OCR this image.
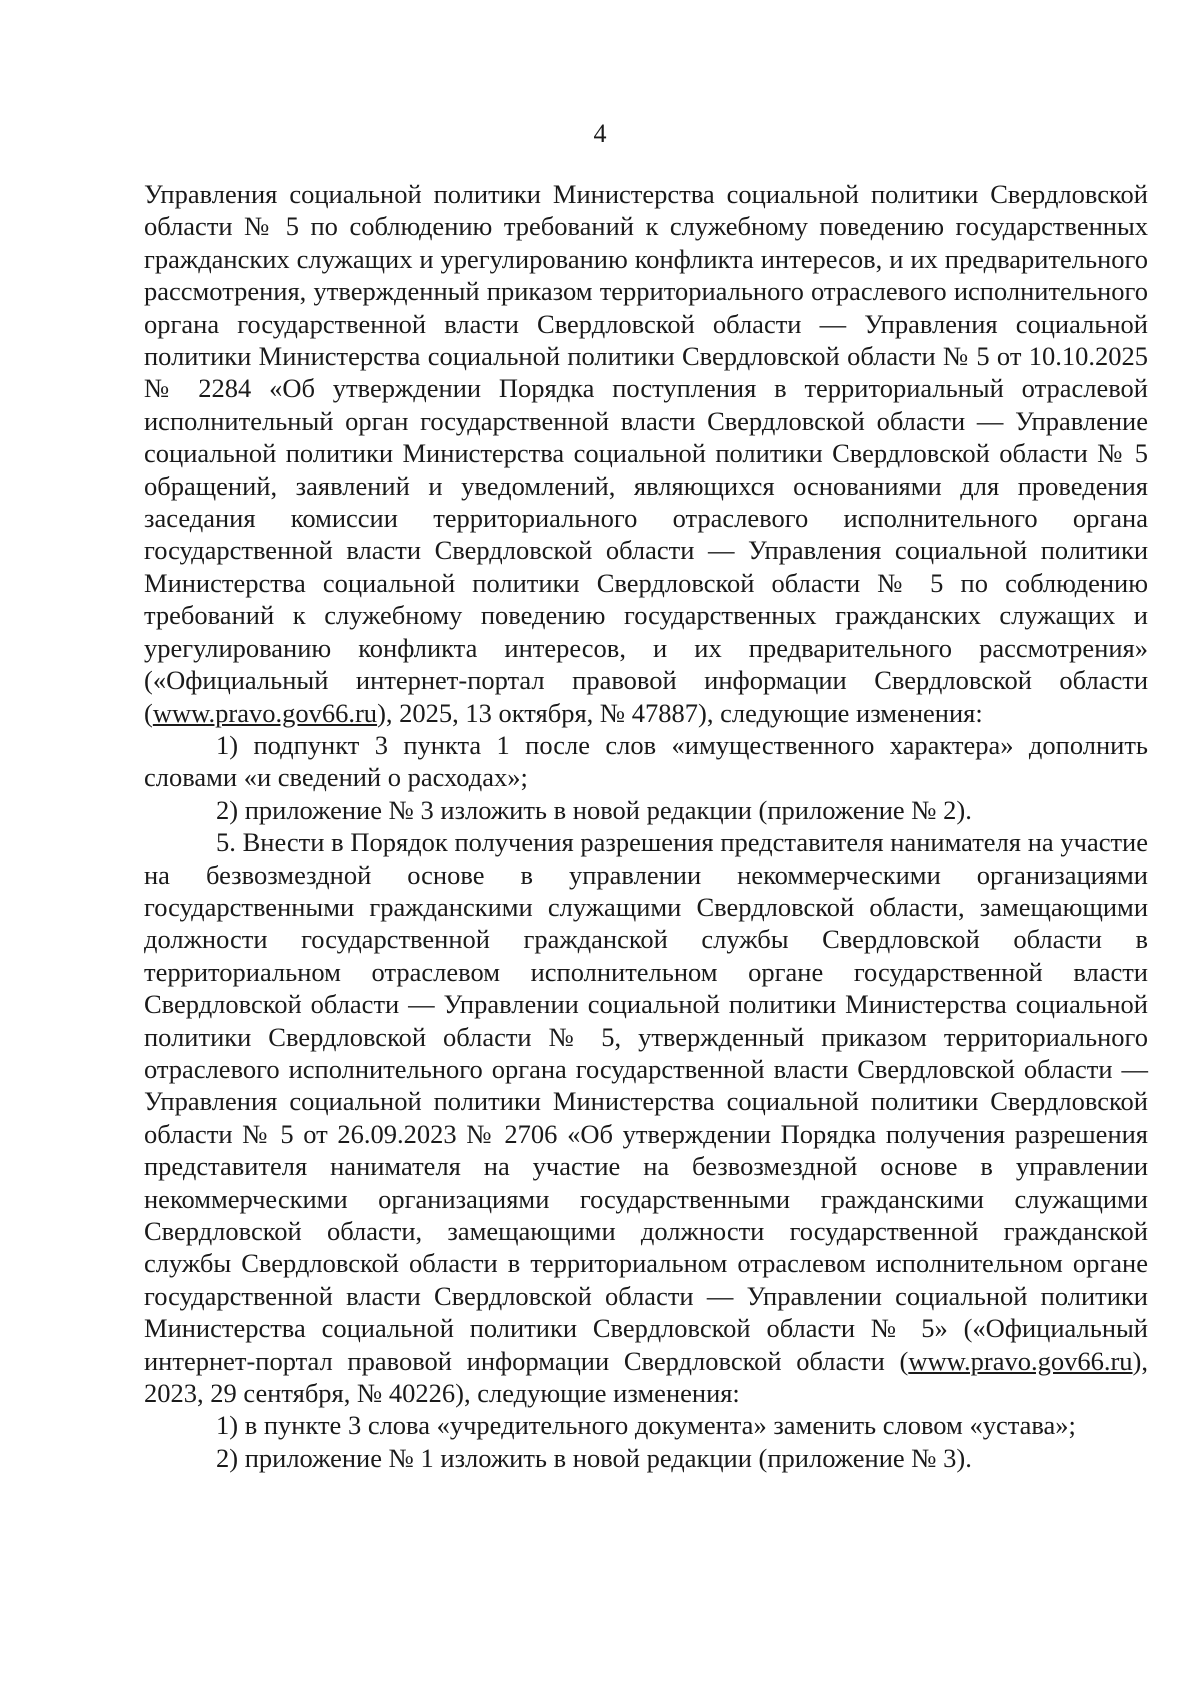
4

Управления социальной политики Министерства социальной политики Свердловской области № 5 по соблюдению требований к служебному поведению государственных гражданских служащих и урегулированию конфликта интересов, и их предварительного рассмотрения, утвержденный приказом территориального отраслевого исполнительного органа государственной власти Свердловской области — Управления социальной политики Министерства социальной политики Свердловской области № 5 от 10.10.2025 № 2284 «Об утверждении Порядка поступления в территориальный отраслевой исполнительный орган государственной власти Свердловской области — Управление социальной политики Министерства социальной политики Свердловской области № 5 обращений, заявлений и уведомлений, являющихся основаниями для проведения заседания комиссии территориального отраслевого исполнительного органа государственной власти Свердловской области — Управления социальной политики Министерства социальной политики Свердловской области № 5 по соблюдению требований к служебному поведению государственных гражданских служащих и урегулированию конфликта интересов, и их предварительного рассмотрения» («Официальный интернет-портал правовой информации Свердловской области (www.pravo.gov66.ru), 2025, 13 октября, № 47887), следующие изменения:

1) подпункт 3 пункта 1 после слов «имущественного характера» дополнить словами «и сведений о расходах»;

2) приложение № 3 изложить в новой редакции (приложение № 2).

5. Внести в Порядок получения разрешения представителя нанимателя на участие на безвозмездной основе в управлении некоммерческими организациями государственными гражданскими служащими Свердловской области, замещающими должности государственной гражданской службы Свердловской области в территориальном отраслевом исполнительном органе государственной власти Свердловской области — Управлении социальной политики Министерства социальной политики Свердловской области № 5, утвержденный приказом территориального отраслевого исполнительного органа государственной власти Свердловской области — Управления социальной политики Министерства социальной политики Свердловской области № 5 от 26.09.2023 № 2706 «Об утверждении Порядка получения разрешения представителя нанимателя на участие на безвозмездной основе в управлении некоммерческими организациями государственными гражданскими служащими Свердловской области, замещающими должности государственной гражданской службы Свердловской области в территориальном отраслевом исполнительном органе государственной власти Свердловской области — Управлении социальной политики Министерства социальной политики Свердловской области № 5» («Официальный интернет-портал правовой информации Свердловской области (www.pravo.gov66.ru), 2023, 29 сентября, № 40226), следующие изменения:

1) в пункте 3 слова «учредительного документа» заменить словом «устава»;

2) приложение № 1 изложить в новой редакции (приложение № 3).
